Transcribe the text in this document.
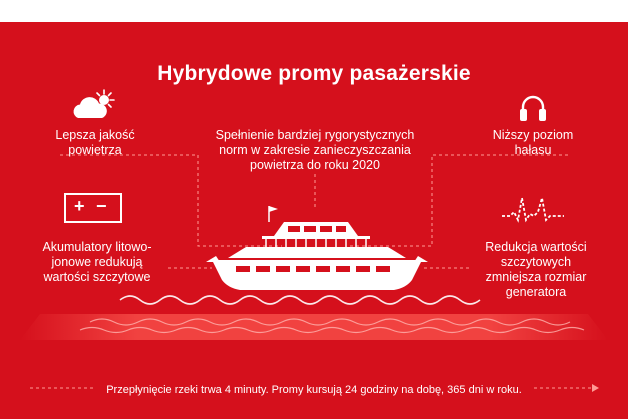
Hybrydowe promy pasażerskie
+ −
Lepsza jakość
powietrza
Spełnienie bardziej rygorystycznych
norm w zakresie zanieczyszczania
powietrza do roku 2020
Niższy poziom
hałasu
Akumulatory litowo-
jonowe redukują
wartości szczytowe
Redukcja wartości
szczytowych
zmniejsza rozmiar
generatora
Przepłynięcie rzeki trwa 4 minuty. Promy kursują 24 godziny na dobę, 365 dni w roku.
